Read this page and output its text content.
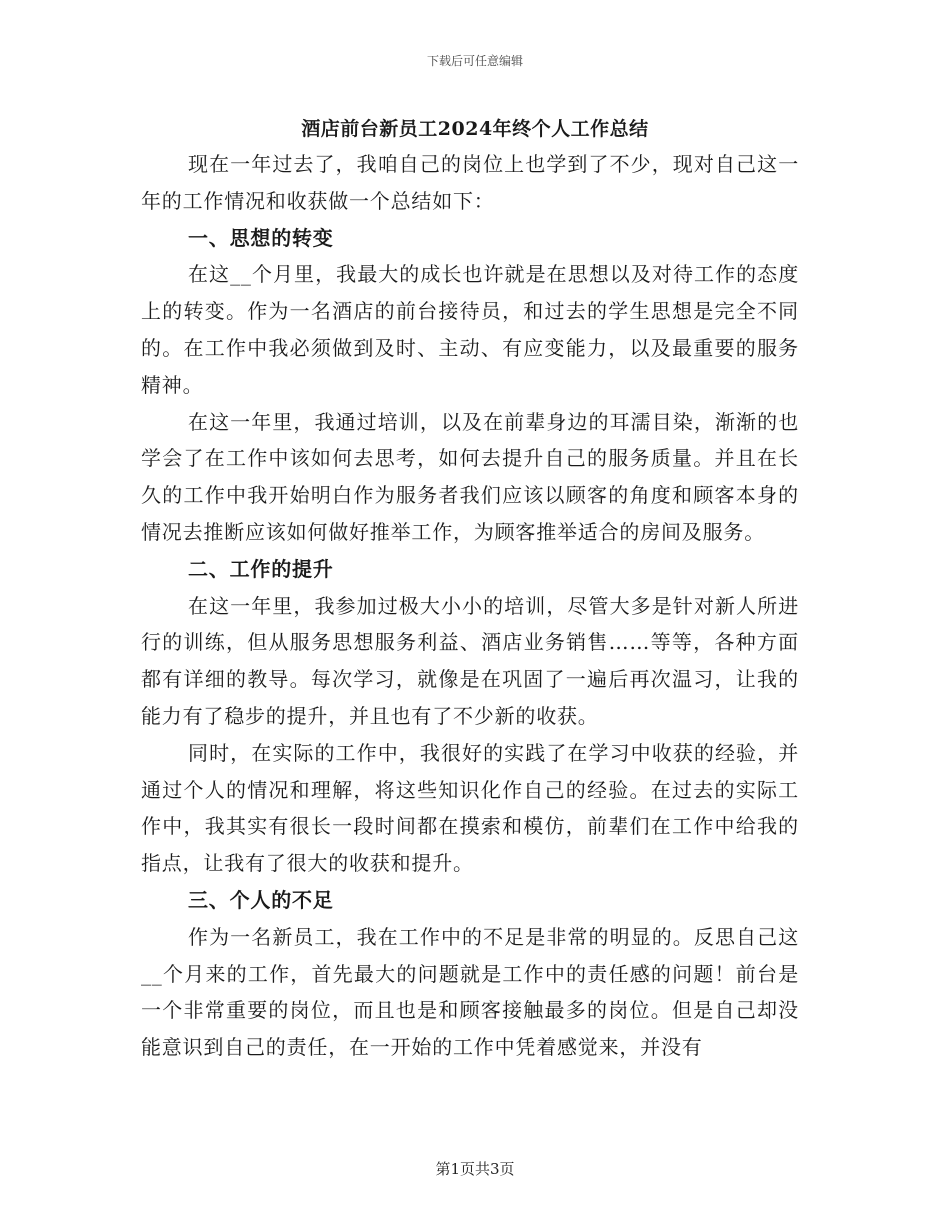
下载后可任意编辑
酒店前台新员工2024年终个人工作总结

现在一年过去了，我咱自己的岗位上也学到了不少，现对自己这一年的工作情况和收获做一个总结如下：

一、思想的转变

在这__个月里，我最大的成长也许就是在思想以及对待工作的态度上的转变。作为一名酒店的前台接待员，和过去的学生思想是完全不同的。在工作中我必须做到及时、主动、有应变能力，以及最重要的服务精神。

在这一年里，我通过培训，以及在前辈身边的耳濡目染，渐渐的也学会了在工作中该如何去思考，如何去提升自己的服务质量。并且在长久的工作中我开始明白作为服务者我们应该以顾客的角度和顾客本身的情况去推断应该如何做好推举工作，为顾客推举适合的房间及服务。

二、工作的提升

在这一年里，我参加过极大小小的培训，尽管大多是针对新人所进行的训练，但从服务思想服务利益、酒店业务销售……等等，各种方面都有详细的教导。每次学习，就像是在巩固了一遍后再次温习，让我的能力有了稳步的提升，并且也有了不少新的收获。

同时，在实际的工作中，我很好的实践了在学习中收获的经验，并通过个人的情况和理解，将这些知识化作自己的经验。在过去的实际工作中，我其实有很长一段时间都在摸索和模仿，前辈们在工作中给我的指点，让我有了很大的收获和提升。

三、个人的不足

作为一名新员工，我在工作中的不足是非常的明显的。反思自己这__个月来的工作，首先最大的问题就是工作中的责任感的问题！前台是一个非常重要的岗位，而且也是和顾客接触最多的岗位。但是自己却没能意识到自己的责任，在一开始的工作中凭着感觉来，并没有

第1页共3页
